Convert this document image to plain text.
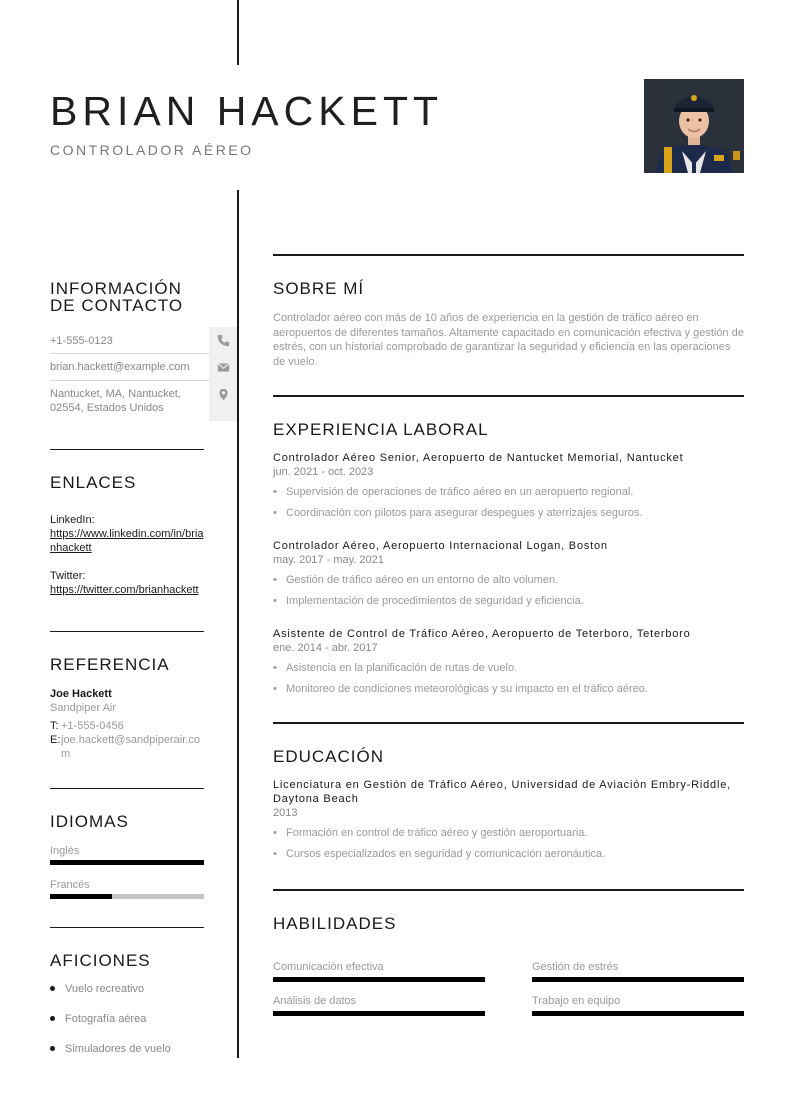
BRIAN HACKETT
CONTROLADOR AÉREO
INFORMACIÓN
DE CONTACTO
+1-555-0123
brian.hackett@example.com
Nantucket, MA, Nantucket,
02554, Estados Unidos
ENLACES
LinkedIn:
https://www.linkedin.com/in/brianhackett
Twitter:
https://twitter.com/brianhackett
REFERENCIA
Joe Hackett
Sandpiper Air
T: +1-555-0456
E: joe.hackett@sandpiperair.com
IDIOMAS
Inglés
Francés
AFICIONES
Vuelo recreativo
Fotografía aérea
Simuladores de vuelo
SOBRE MÍ
Controlador aéreo con más de 10 años de experiencia en la gestión de tráfico aéreo en aeropuertos de diferentes tamaños. Altamente capacitado en comunicación efectiva y gestión de estrés, con un historial comprobado de garantizar la seguridad y eficiencia en las operaciones de vuelo.
EXPERIENCIA LABORAL
Controlador Aéreo Senior, Aeropuerto de Nantucket Memorial, Nantucket
jun. 2021 - oct. 2023
• Supervisión de operaciones de tráfico aéreo en un aeropuerto regional.
• Coordinación con pilotos para asegurar despegues y aterrizajes seguros.
Controlador Aéreo, Aeropuerto Internacional Logan, Boston
may. 2017 - may. 2021
• Gestión de tráfico aéreo en un entorno de alto volumen.
• Implementación de procedimientos de seguridad y eficiencia.
Asistente de Control de Tráfico Aéreo, Aeropuerto de Teterboro, Teterboro
ene. 2014 - abr. 2017
• Asistencia en la planificación de rutas de vuelo.
• Monitoreo de condiciones meteorológicas y su impacto en el tráfico aéreo.
EDUCACIÓN
Licenciatura en Gestión de Tráfico Aéreo, Universidad de Aviación Embry-Riddle, Daytona Beach
2013
• Formación en control de tráfico aéreo y gestión aeroportuaria.
• Cursos especializados en seguridad y comunicación aeronáutica.
HABILIDADES
Comunicación efectiva	Gestión de estrés
Análisis de datos	Trabajo en equipo
